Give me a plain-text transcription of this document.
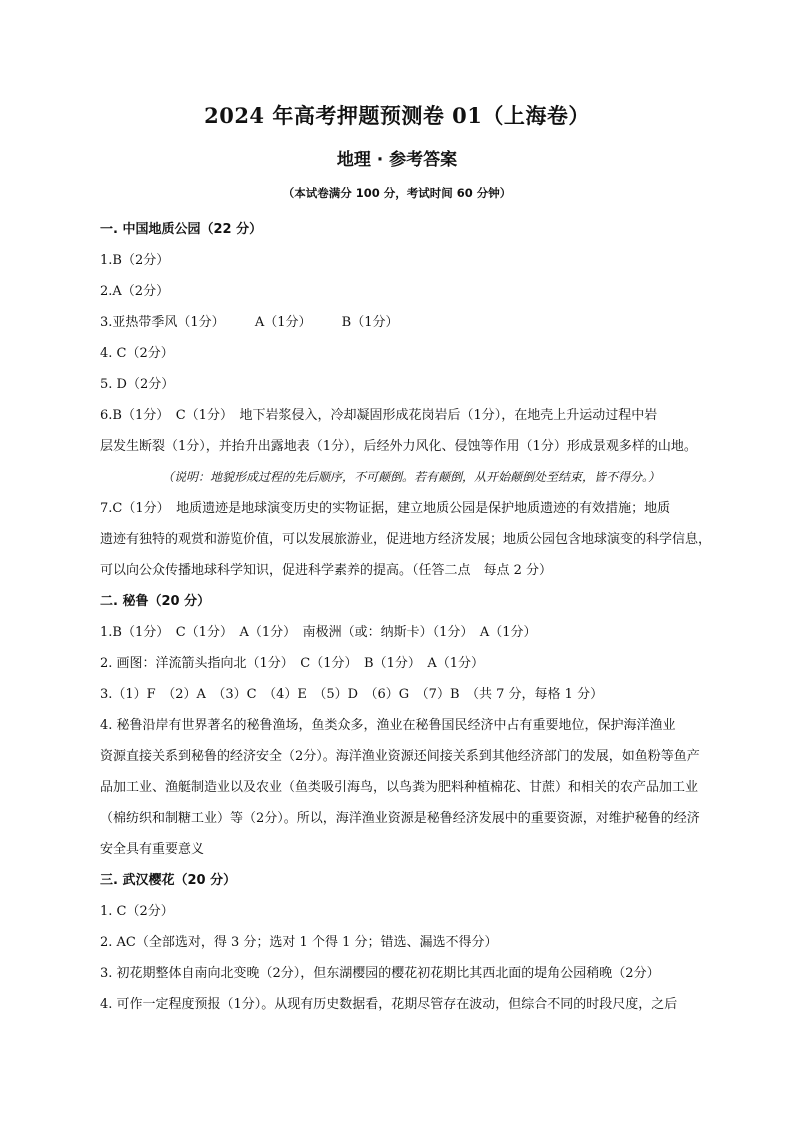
2024 年高考押题预测卷 01（上海卷）
地理 · 参考答案
（本试卷满分 100 分，考试时间 60 分钟）
一. 中国地质公园（22 分）
1.B（2分）
2.A（2分）
3.亚热带季风（1分） A（1分） B（1分）
4. C（2分）
5. D（2分）
6.B（1分）　C（1分）　地下岩浆侵入，冷却凝固形成花岗岩后（1分），在地壳上升运动过程中岩
层发生断裂（1分），并抬升出露地表（1分），后经外力风化、侵蚀等作用（1分）形成景观多样的山地。
（说明：地貌形成过程的先后顺序，不可颠倒。若有颠倒，从开始颠倒处至结束，皆不得分。）
7.C（1分）　地质遗迹是地球演变历史的实物证据，建立地质公园是保护地质遗迹的有效措施；地质
遗迹有独特的观赏和游览价值，可以发展旅游业，促进地方经济发展；地质公园包含地球演变的科学信息，
可以向公众传播地球科学知识，促进科学素养的提高。（任答二点　每点 2 分）
二. 秘鲁（20 分）
1.B（1分）　C（1分）　A（1分）　南极洲（或：纳斯卡）（1分）　A（1分）
2. 画图：洋流箭头指向北（1分）　C（1分）　B（1分）　A（1分）
3.（1）F　（2）A　（3）C　（4）E　（5）D　（6）G　（7）B　（共 7 分，每格 1 分）
4. 秘鲁沿岸有世界著名的秘鲁渔场，鱼类众多，渔业在秘鲁国民经济中占有重要地位，保护海洋渔业
资源直接关系到秘鲁的经济安全（2分）。海洋渔业资源还间接关系到其他经济部门的发展，如鱼粉等鱼产
品加工业、渔艇制造业以及农业（鱼类吸引海鸟，以鸟粪为肥料种植棉花、甘蔗）和相关的农产品加工业
（棉纺织和制糖工业）等（2分）。所以，海洋渔业资源是秘鲁经济发展中的重要资源，对维护秘鲁的经济
安全具有重要意义
三. 武汉樱花（20 分）
1. C（2分）
2. AC（全部选对，得 3 分；选对 1 个得 1 分；错选、漏选不得分）
3. 初花期整体自南向北变晚（2分），但东湖樱园的樱花初花期比其西北面的堤角公园稍晚（2分）
4. 可作一定程度预报（1分）。从现有历史数据看，花期尽管存在波动，但综合不同的时段尺度，之后
